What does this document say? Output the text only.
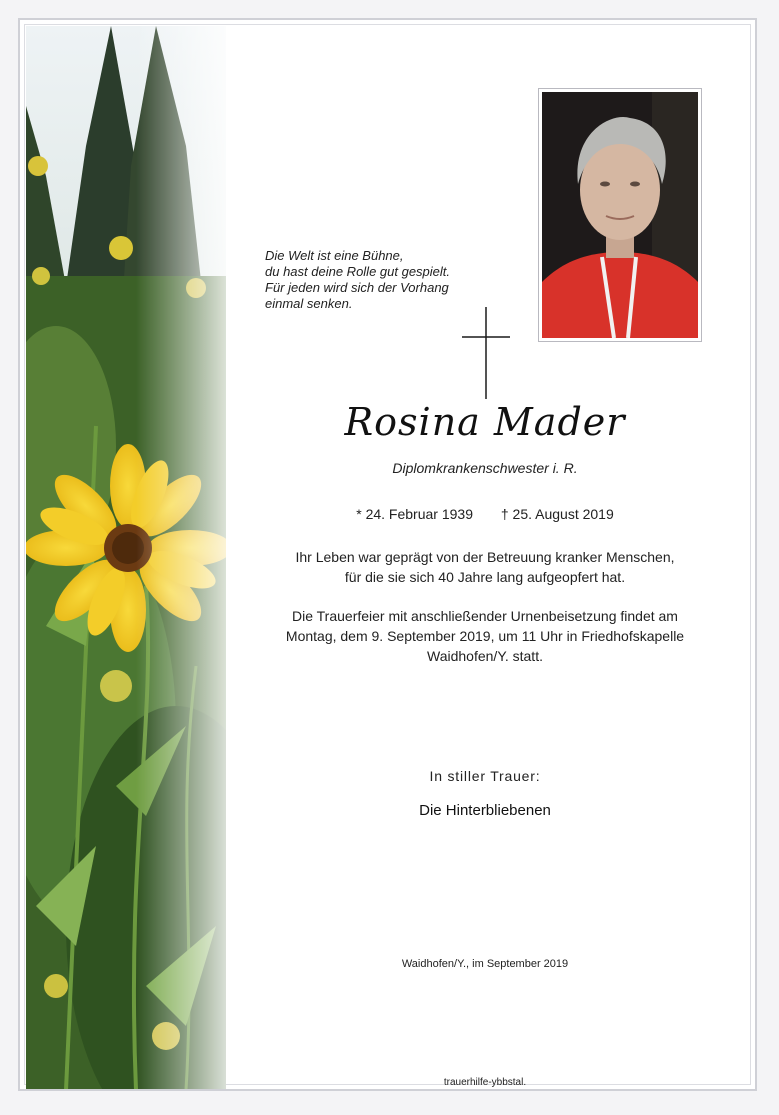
Die Welt ist eine Bühne,
du hast deine Rolle gut gespielt.
Für jeden wird sich der Vorhang
einmal senken.
Rosina Mader
Diplomkrankenschwester i. R.
* 24. Februar 1939 † 25. August 2019
Ihr Leben war geprägt von der Betreuung kranker Menschen,
für die sie sich 40 Jahre lang aufgeopfert hat.
Die Trauerfeier mit anschließender Urnenbeisetzung findet am
Montag, dem 9. September 2019, um 11 Uhr in Friedhofskapelle
Waidhofen/Y. statt.
In stiller Trauer:
Die Hinterbliebenen
Waidhofen/Y., im September 2019
trauerhilfe-ybbstal.
